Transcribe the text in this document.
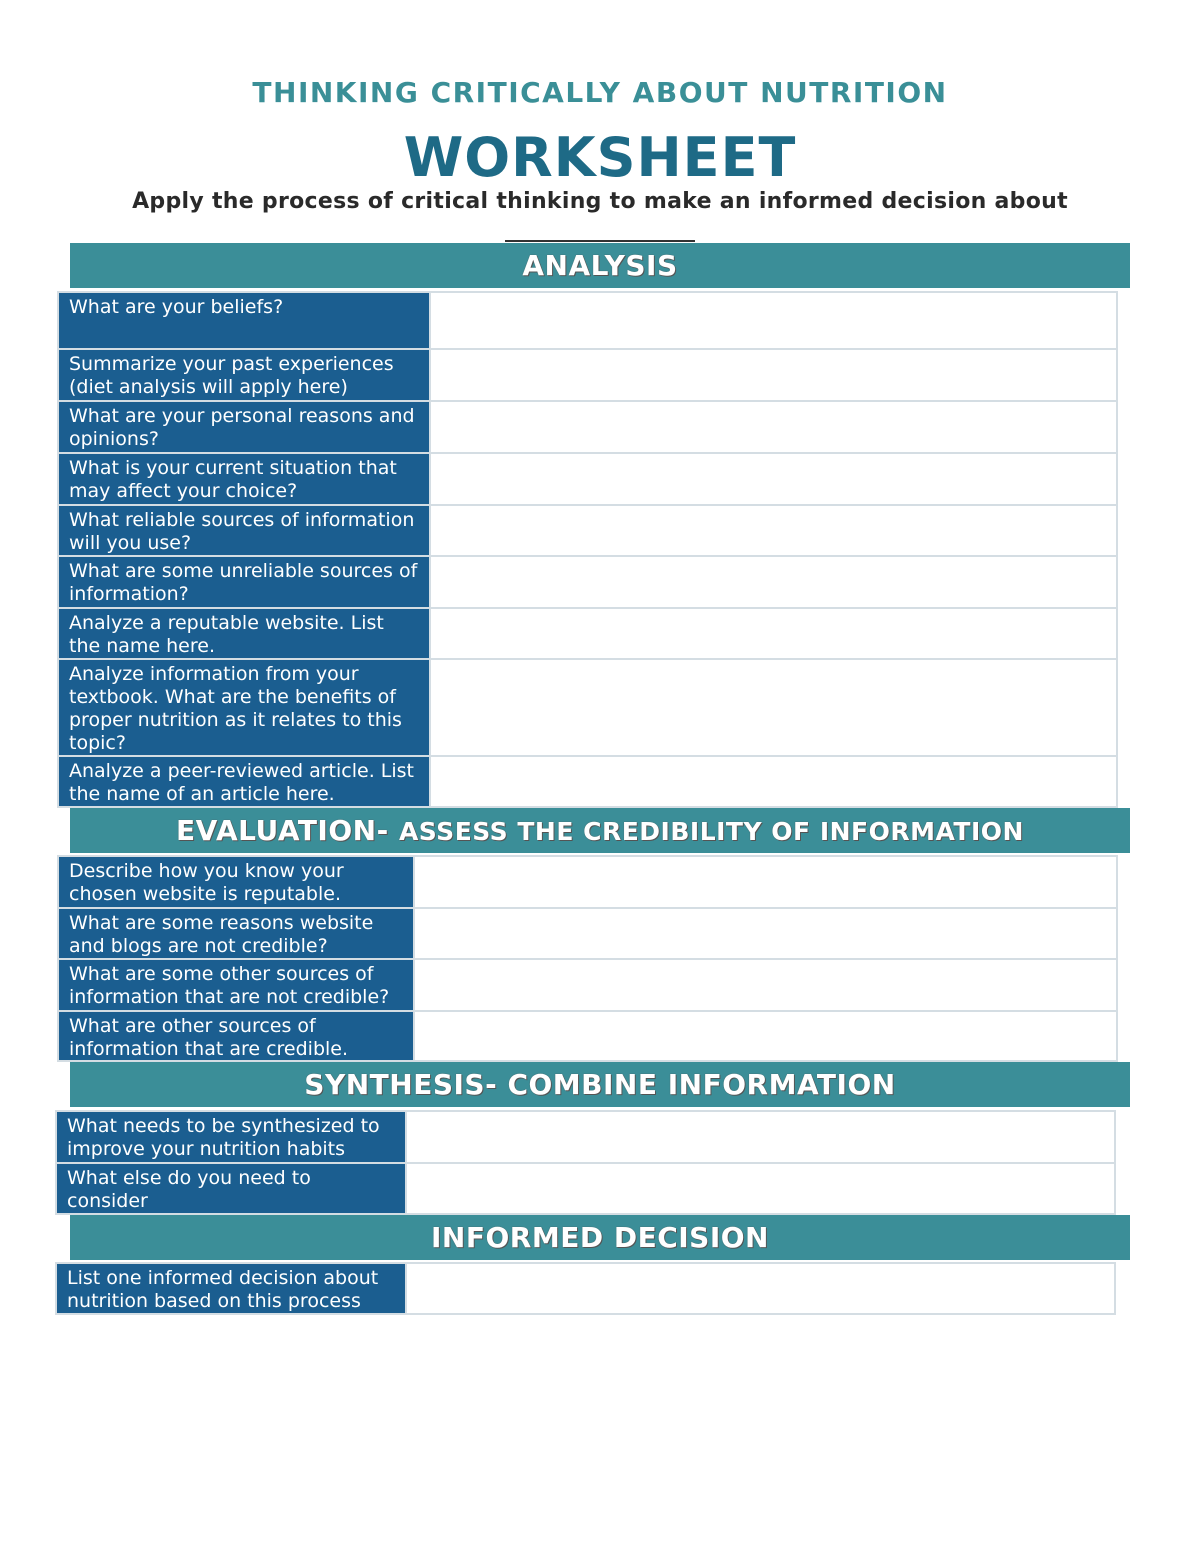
THINKING CRITICALLY ABOUT NUTRITION
WORKSHEET
Apply the process of critical thinking to make an informed decision about
ANALYSIS
What are your beliefs?
Summarize your past experiences (diet analysis will apply here)
What are your personal reasons and opinions?
What is your current situation that may affect your choice?
What reliable sources of information will you use?
What are some unreliable sources of information?
Analyze a reputable website. List the name here.
Analyze information from your textbook. What are the benefits of proper nutrition as it relates to this topic?
Analyze a peer-reviewed article. List the name of an article here.
EVALUATION- ASSESS THE CREDIBILITY OF INFORMATION
Describe how you know your chosen website is reputable.
What are some reasons website and blogs are not credible?
What are some other sources of information that are not credible?
What are other sources of information that are credible.
SYNTHESIS- COMBINE INFORMATION
What needs to be synthesized to improve your nutrition habits
What else do you need to consider
INFORMED DECISION
List one informed decision about nutrition based on this process
